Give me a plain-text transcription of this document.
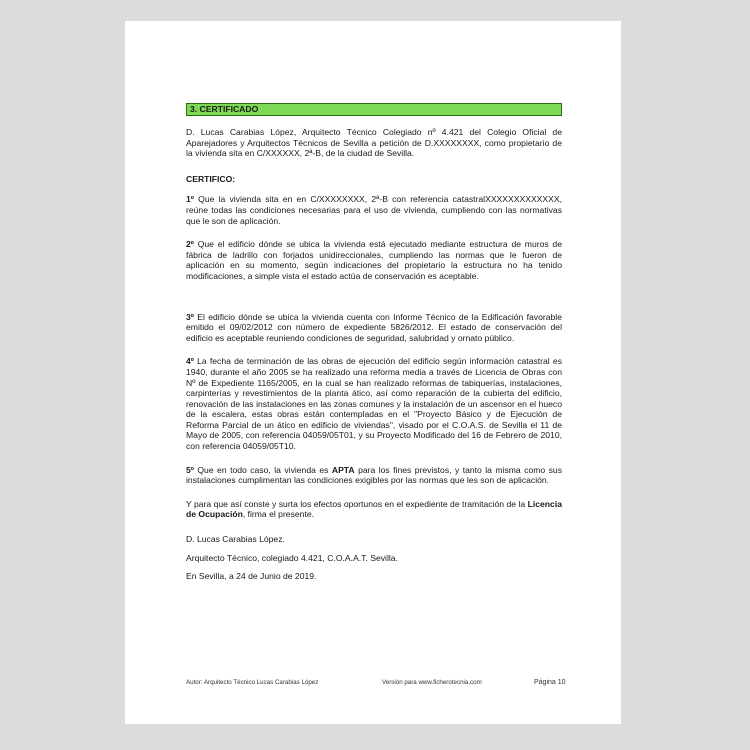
3. CERTIFICADO

D. Lucas Carabias López, Arquitecto Técnico Colegiado nº 4.421 del Colegio Oficial de Aparejadores y Arquitectos Técnicos de Sevilla a petición de D.XXXXXXXX, como propietario de la vivienda sita en C/XXXXXX, 2ª-B, de la ciudad de Sevilla.

CERTIFICO:

1º Que la vivienda sita en en C/XXXXXXXX, 2ª-B con referencia catastralXXXXXXXXXXXXX, reúne todas las condiciones necesarias para el uso de vivienda, cumpliendo con las normativas que le son de aplicación.

2º Que el edificio dónde se ubica la vivienda está ejecutado mediante estructura de muros de fábrica de ladrillo con forjados unidireccionales, cumpliendo las normas que le fueron de aplicación en su momento, según indicaciones del propietario la estructura no ha tenido modificaciones, a simple vista el estado actúa de conservación es aceptable.

3º El edificio dónde se ubica la vivienda cuenta con Informe Técnico de la Edificación favorable emitido el 09/02/2012 con número de expediente 5826/2012. El estado de conservación del edificio es aceptable reuniendo condiciones de seguridad, salubridad y ornato público.

4º La fecha de terminación de las obras de ejecución del edificio según información catastral es 1940, durante el año 2005 se ha realizado una reforma media a través de Licencia de Obras con Nº de Expediente 1165/2005, en la cual se han realizado reformas de tabiquerías, instalaciones, carpinterías y revestimientos de la planta ático, así como reparación de la cubierta del edificio, renovación de las instalaciones en las zonas comunes y la instalación de un ascensor en el hueco de la escalera, estas obras están contempladas en el "Proyecto Básico y de Ejecución de Reforma Parcial de un ático en edificio de viviendas", visado por el C.O.A.S. de Sevilla el 11 de Mayo de 2005, con referencia 04059/05T01, y su Proyecto Modificado del 16 de Febrero de 2010, con referencia 04059/05T10.

5º Que en todo caso, la vivienda es APTA para los fines previstos, y tanto la misma como sus instalaciones cumplimentan las condiciones exigibles por las normas que les son de aplicación.

Y para que así conste y surta los efectos oportunos en el expediente de tramitación de la Licencia de Ocupación, firma el presente.

D. Lucas Carabias López.

Arquitecto Técnico, colegiado 4.421, C.O.A.A.T. Sevilla.

En Sevilla, a 24 de Junio de 2019.

Autor: Arquitecto Técnico Lucas Carabias López	Versión para www.ficherotecnia.com	Página 10
